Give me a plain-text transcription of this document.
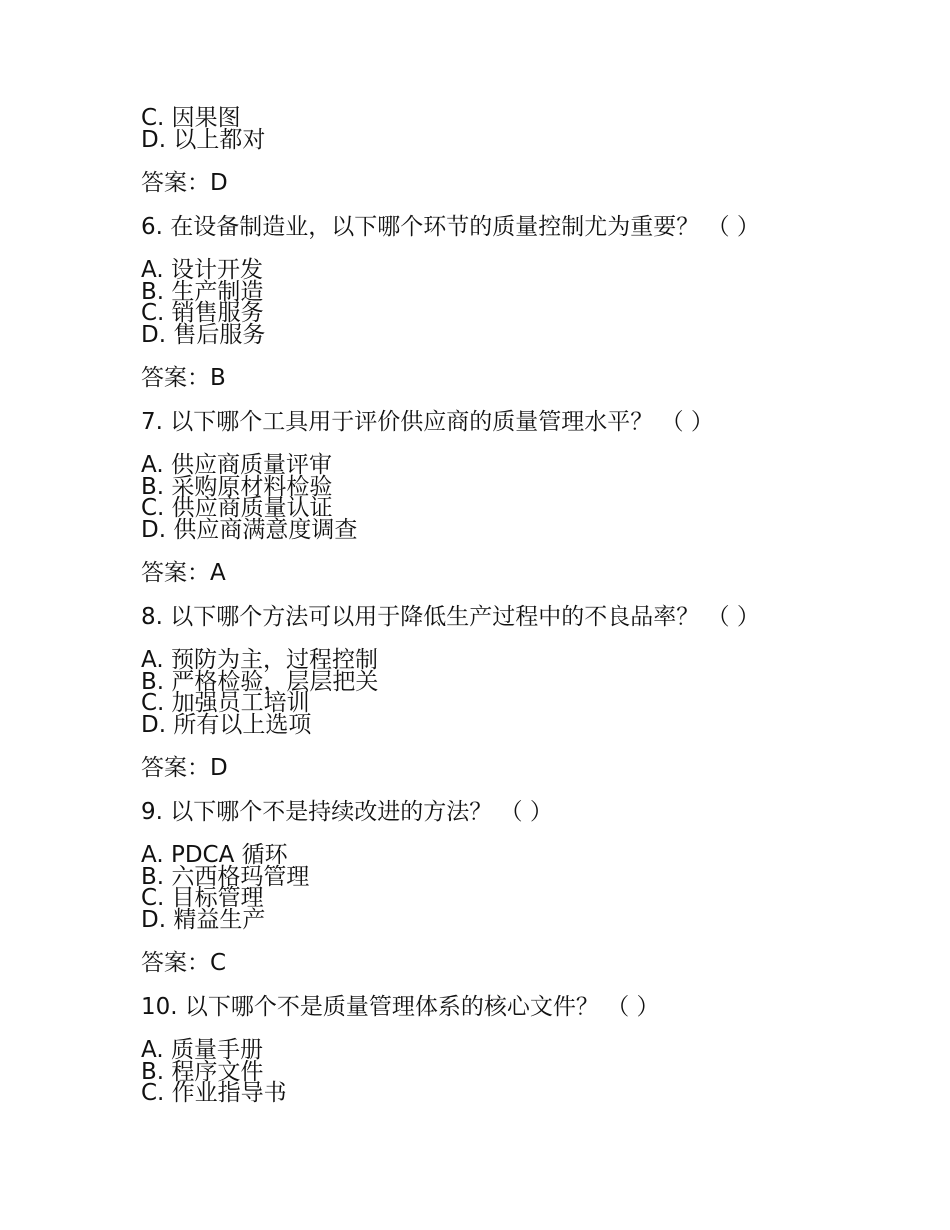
C. 因果图
D. 以上都对
答案：D
6. 在设备制造业，以下哪个环节的质量控制尤为重要？ （ ）
A. 设计开发
B. 生产制造
C. 销售服务
D. 售后服务
答案：B
7. 以下哪个工具用于评价供应商的质量管理水平？ （ ）
A. 供应商质量评审
B. 采购原材料检验
C. 供应商质量认证
D. 供应商满意度调查
答案：A
8. 以下哪个方法可以用于降低生产过程中的不良品率？ （ ）
A. 预防为主，过程控制
B. 严格检验，层层把关
C. 加强员工培训
D. 所有以上选项
答案：D
9. 以下哪个不是持续改进的方法？ （ ）
A. PDCA 循环
B. 六西格玛管理
C. 目标管理
D. 精益生产
答案：C
10. 以下哪个不是质量管理体系的核心文件？ （ ）
A. 质量手册
B. 程序文件
C. 作业指导书
